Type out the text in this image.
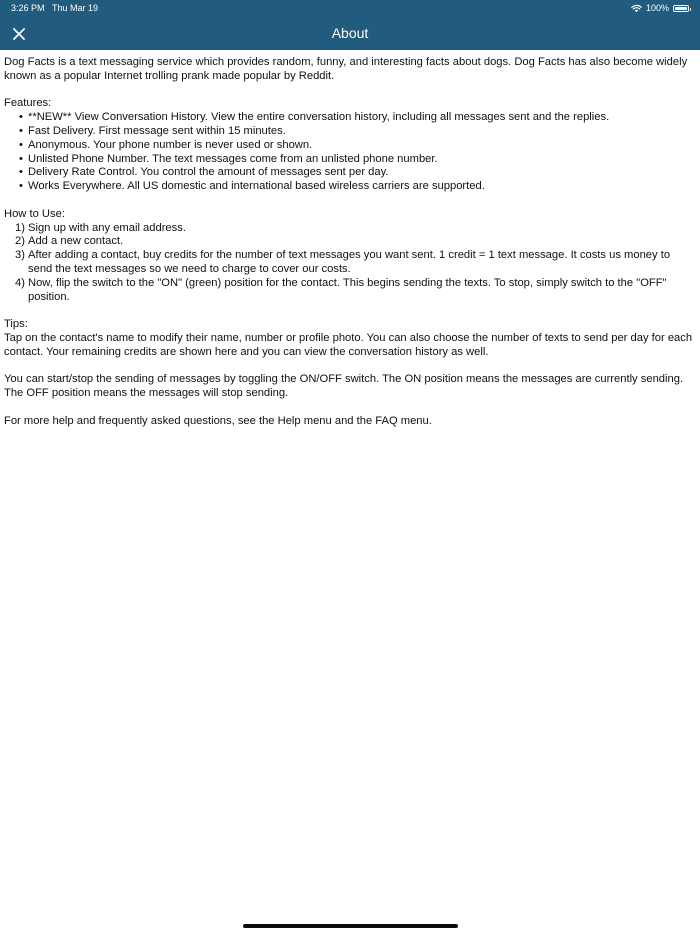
3:26 PM Thu Mar 19	100%
About

Dog Facts is a text messaging service which provides random, funny, and interesting facts about dogs. Dog Facts has also become widely known as a popular Internet trolling prank made popular by Reddit.

Features:

• **NEW** View Conversation History. View the entire conversation history, including all messages sent and the replies.
• Fast Delivery. First message sent within 15 minutes.
• Anonymous. Your phone number is never used or shown.
• Unlisted Phone Number. The text messages come from an unlisted phone number.
• Delivery Rate Control. You control the amount of messages sent per day.
• Works Everywhere. All US domestic and international based wireless carriers are supported.

How to Use:

1) Sign up with any email address.
2) Add a new contact.
3) After adding a contact, buy credits for the number of text messages you want sent. 1 credit = 1 text message. It costs us money to send the text messages so we need to charge to cover our costs.
4) Now, flip the switch to the "ON" (green) position for the contact. This begins sending the texts. To stop, simply switch to the "OFF" position.

Tips:

Tap on the contact's name to modify their name, number or profile photo. You can also choose the number of texts to send per day for each contact. Your remaining credits are shown here and you can view the conversation history as well.

You can start/stop the sending of messages by toggling the ON/OFF switch. The ON position means the messages are currently sending. The OFF position means the messages will stop sending.

For more help and frequently asked questions, see the Help menu and the FAQ menu.
